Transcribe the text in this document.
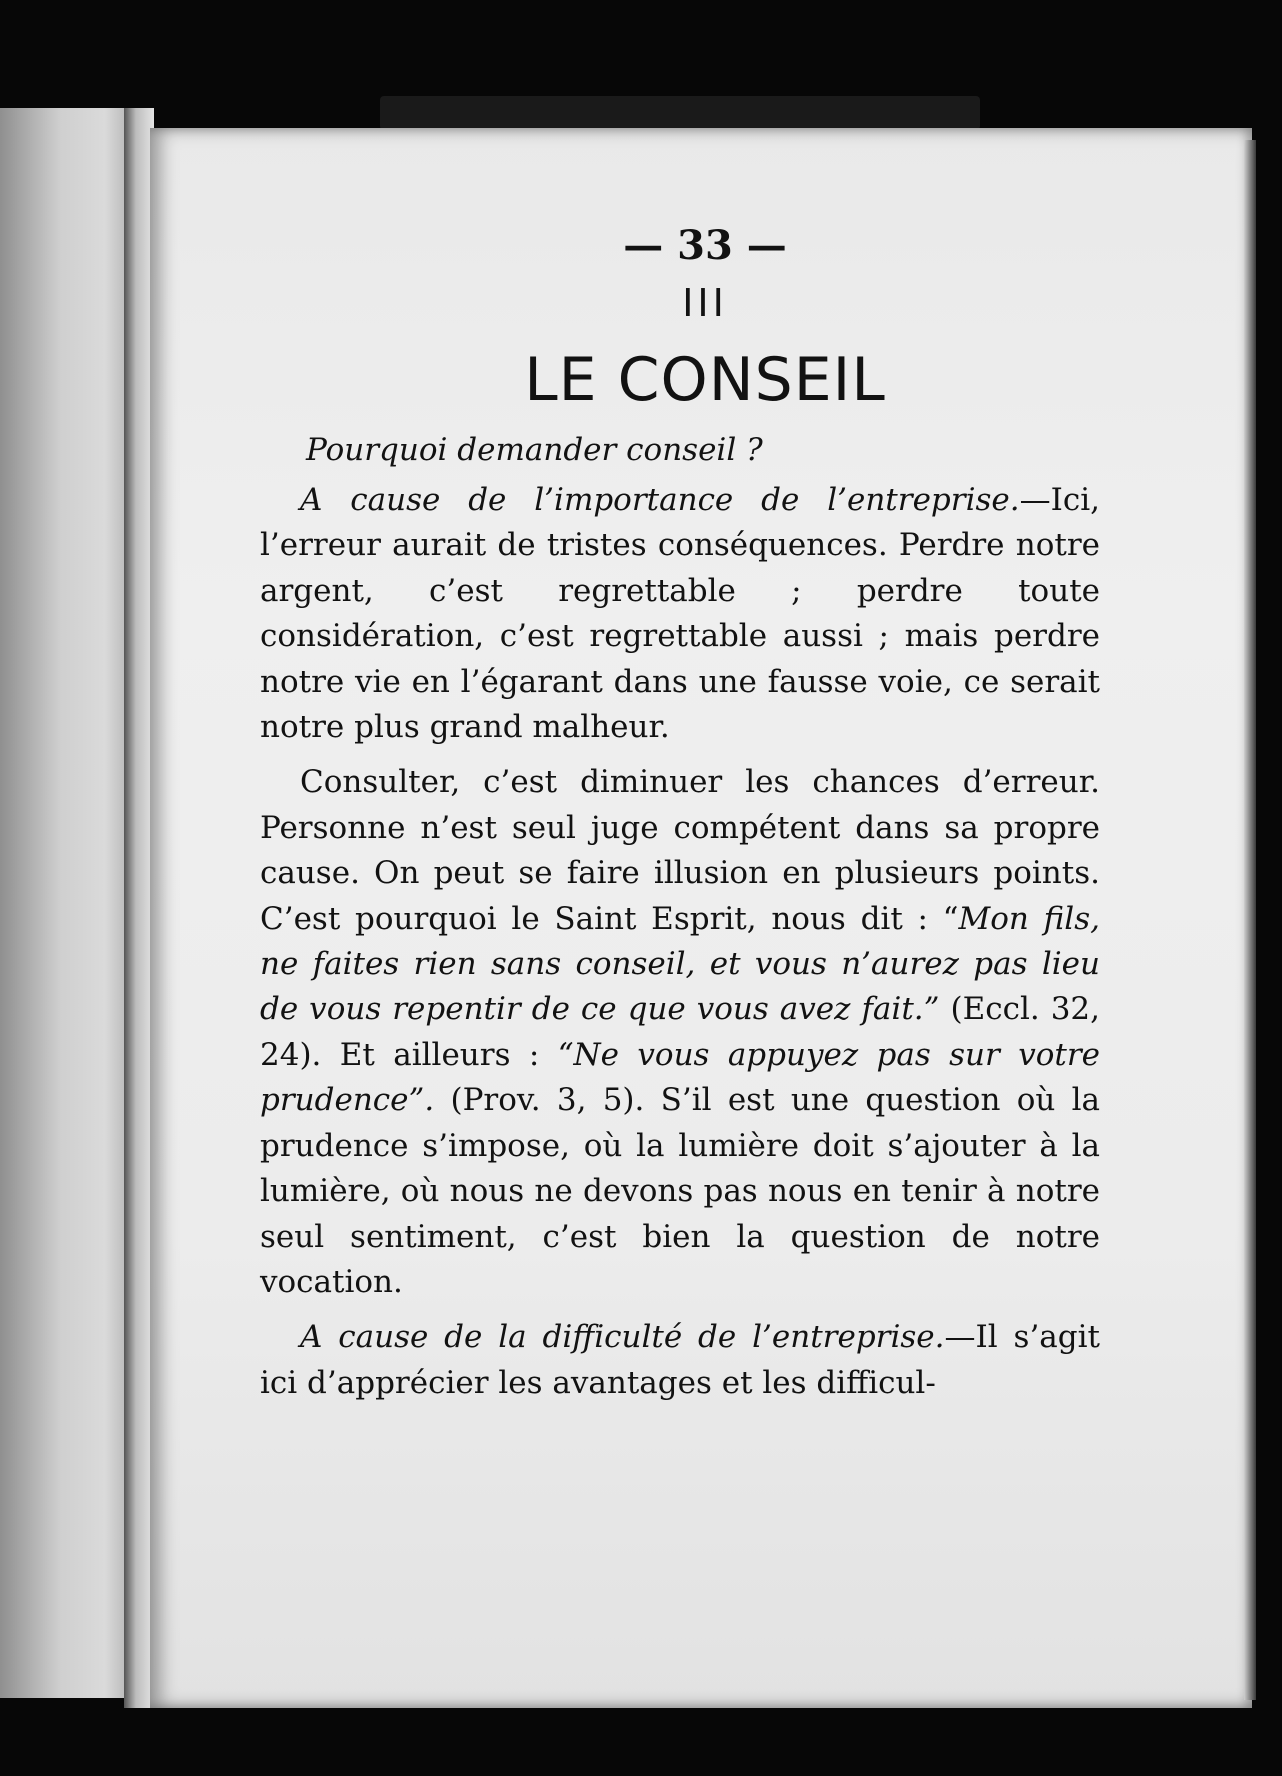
— 33 —
III
LE CONSEIL
Pourquoi demander conseil ?

A cause de l’importance de l’entreprise.—Ici, l’erreur aurait de tristes conséquences. Perdre notre argent, c’est regrettable ; perdre toute considération, c’est regrettable aussi ; mais perdre notre vie en l’égarant dans une fausse voie, ce serait notre plus grand malheur.

Consulter, c’est diminuer les chances d’erreur. Personne n’est seul juge compétent dans sa propre cause. On peut se faire illusion en plusieurs points. C’est pourquoi le Saint Esprit, nous dit : “Mon fils, ne faites rien sans conseil, et vous n’aurez pas lieu de vous repentir de ce que vous avez fait.” (Eccl. 32, 24). Et ailleurs : “Ne vous appuyez pas sur votre prudence”. (Prov. 3, 5). S’il est une question où la prudence s’impose, où la lumière doit s’ajouter à la lumière, où nous ne devons pas nous en tenir à notre seul sentiment, c’est bien la question de notre vocation.

A cause de la difficulté de l’entreprise.—Il s’agit ici d’apprécier les avantages et les difficul-
